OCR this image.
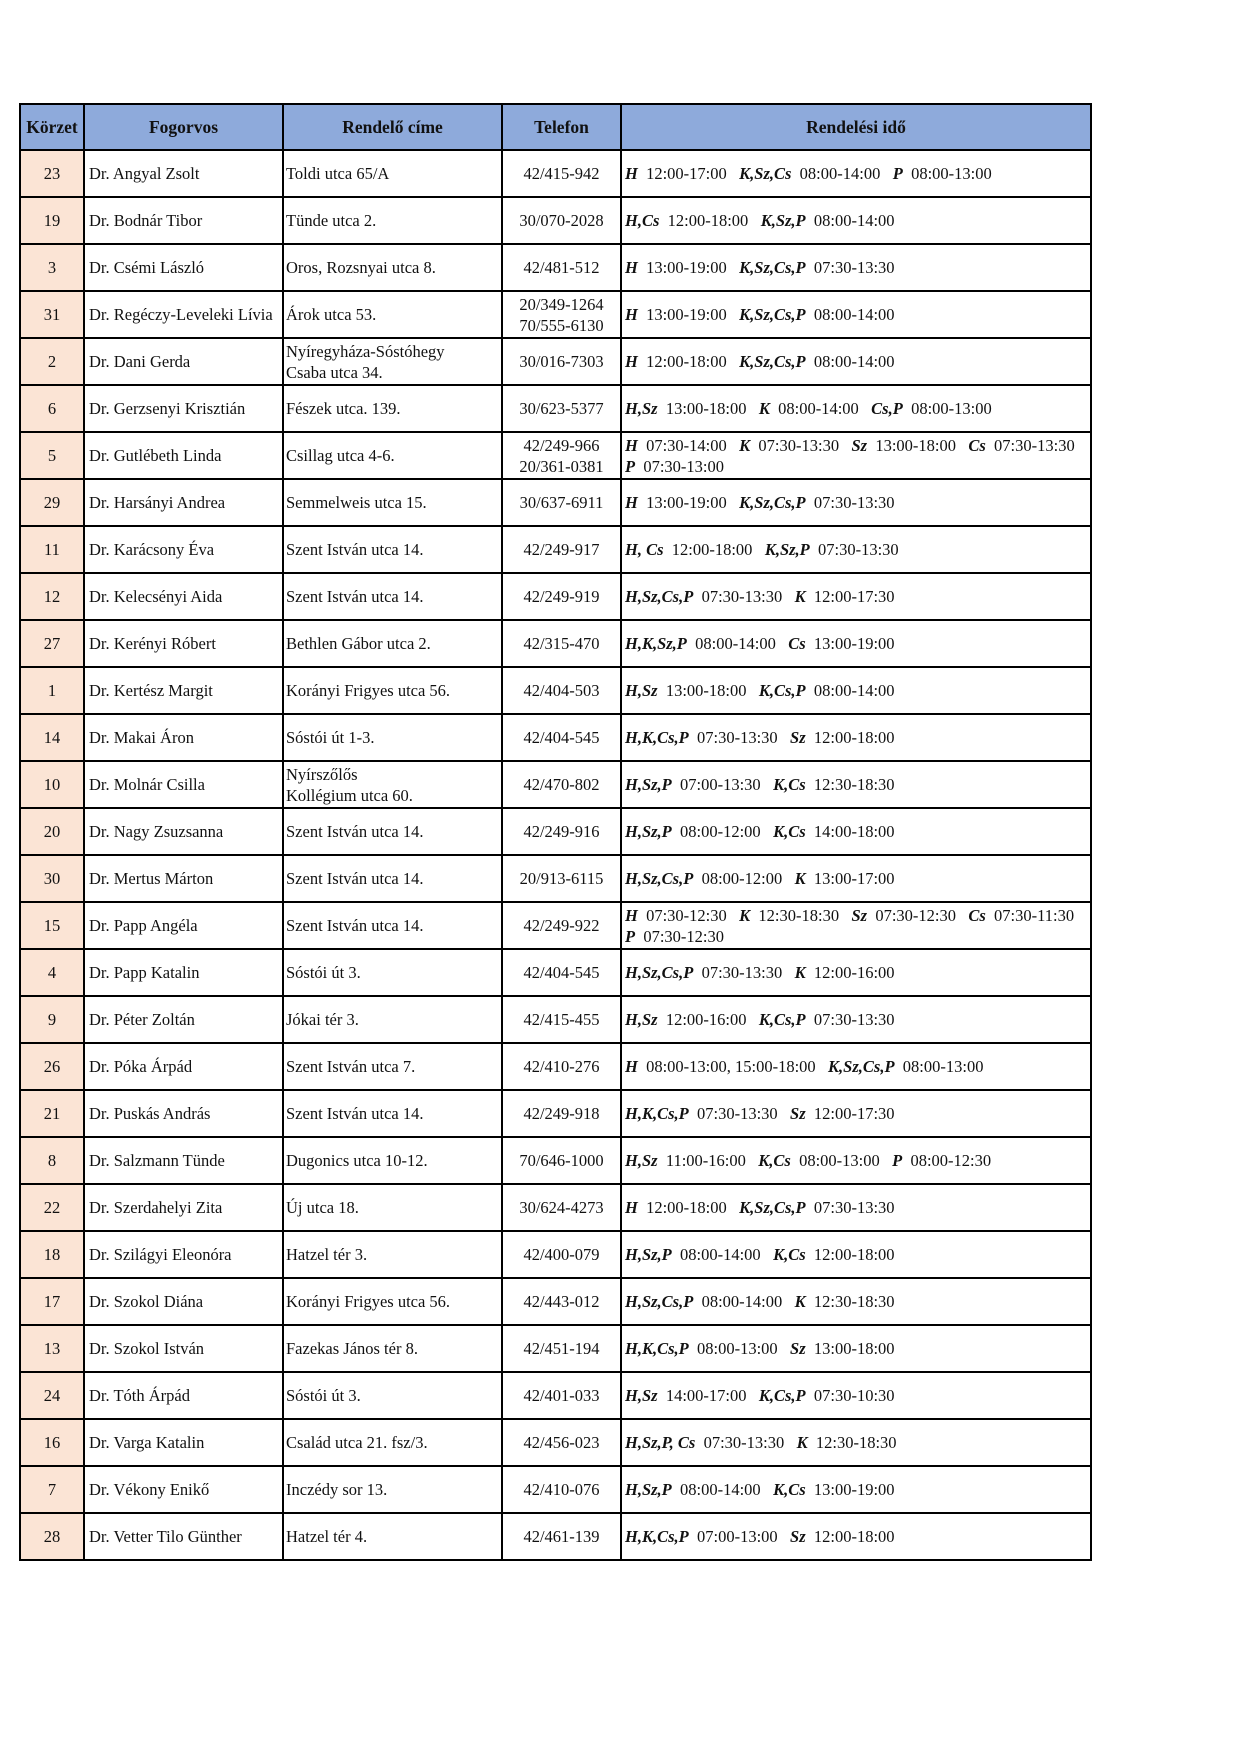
Körzet	Fogorvos	Rendelő címe	Telefon	Rendelési idő
23	Dr. Angyal Zsolt	Toldi utca 65/A	42/415-942	H 12:00-17:00 K,Sz,Cs 08:00-14:00 P 08:00-13:00

19	Dr. Bodnár Tibor	Tünde utca 2.	30/070-2028	H,Cs 12:00-18:00 K,Sz,P 08:00-14:00

3	Dr. Csémi László	Oros, Rozsnyai utca 8.	42/481-512	H 13:00-19:00 K,Sz,Cs,P 07:30-13:30

31	Dr. Regéczy-Leveleki Lívia	Árok utca 53.	20/349-1264
70/555-6130	H 13:00-19:00 K,Sz,Cs,P 08:00-14:00

2	Dr. Dani Gerda	Nyíregyháza-Sóstóhegy
Csaba utca 34.	30/016-7303	H 12:00-18:00 K,Sz,Cs,P 08:00-14:00

6	Dr. Gerzsenyi Krisztián	Fészek utca. 139.	30/623-5377	H,Sz 13:00-18:00 K 08:00-14:00 Cs,P 08:00-13:00

5	Dr. Gutlébeth Linda	Csillag utca 4-6.	42/249-966
20/361-0381	H 07:30-14:00 K 07:30-13:30 Sz 13:00-18:00 Cs 07:30-13:30
P 07:30-13:00

29	Dr. Harsányi Andrea	Semmelweis utca 15.	30/637-6911	H 13:00-19:00 K,Sz,Cs,P 07:30-13:30

11	Dr. Karácsony Éva	Szent István utca 14.	42/249-917	H, Cs 12:00-18:00 K,Sz,P 07:30-13:30

12	Dr. Kelecsényi Aida	Szent István utca 14.	42/249-919	H,Sz,Cs,P 07:30-13:30 K 12:00-17:30

27	Dr. Kerényi Róbert	Bethlen Gábor utca 2.	42/315-470	H,K,Sz,P 08:00-14:00 Cs 13:00-19:00

1	Dr. Kertész Margit	Korányi Frigyes utca 56.	42/404-503	H,Sz 13:00-18:00 K,Cs,P 08:00-14:00

14	Dr. Makai Áron	Sóstói út 1-3.	42/404-545	H,K,Cs,P 07:30-13:30 Sz 12:00-18:00

10	Dr. Molnár Csilla	Nyírszőlős
Kollégium utca 60.	42/470-802	H,Sz,P 07:00-13:30 K,Cs 12:30-18:30

20	Dr. Nagy Zsuzsanna	Szent István utca 14.	42/249-916	H,Sz,P 08:00-12:00 K,Cs 14:00-18:00

30	Dr. Mertus Márton	Szent István utca 14.	20/913-6115	H,Sz,Cs,P 08:00-12:00 K 13:00-17:00

15	Dr. Papp Angéla	Szent István utca 14.	42/249-922	H 07:30-12:30 K 12:30-18:30 Sz 07:30-12:30 Cs 07:30-11:30
P 07:30-12:30

4	Dr. Papp Katalin	Sóstói út 3.	42/404-545	H,Sz,Cs,P 07:30-13:30 K 12:00-16:00

9	Dr. Péter Zoltán	Jókai tér 3.	42/415-455	H,Sz 12:00-16:00 K,Cs,P 07:30-13:30

26	Dr. Póka Árpád	Szent István utca 7.	42/410-276	H 08:00-13:00, 15:00-18:00 K,Sz,Cs,P 08:00-13:00

21	Dr. Puskás András	Szent István utca 14.	42/249-918	H,K,Cs,P 07:30-13:30 Sz 12:00-17:30

8	Dr. Salzmann Tünde	Dugonics utca 10-12.	70/646-1000	H,Sz 11:00-16:00 K,Cs 08:00-13:00 P 08:00-12:30

22	Dr. Szerdahelyi Zita	Új utca 18.	30/624-4273	H 12:00-18:00 K,Sz,Cs,P 07:30-13:30

18	Dr. Szilágyi Eleonóra	Hatzel tér 3.	42/400-079	H,Sz,P 08:00-14:00 K,Cs 12:00-18:00

17	Dr. Szokol Diána	Korányi Frigyes utca 56.	42/443-012	H,Sz,Cs,P 08:00-14:00 K 12:30-18:30

13	Dr. Szokol István	Fazekas János tér 8.	42/451-194	H,K,Cs,P 08:00-13:00 Sz 13:00-18:00

24	Dr. Tóth Árpád	Sóstói út 3.	42/401-033	H,Sz 14:00-17:00 K,Cs,P 07:30-10:30

16	Dr. Varga Katalin	Család utca 21. fsz/3.	42/456-023	H,Sz,P, Cs 07:30-13:30 K 12:30-18:30

7	Dr. Vékony Enikő	Inczédy sor 13.	42/410-076	H,Sz,P 08:00-14:00 K,Cs 13:00-19:00

28	Dr. Vetter Tilo Günther	Hatzel tér 4.	42/461-139	H,K,Cs,P 07:00-13:00 Sz 12:00-18:00
